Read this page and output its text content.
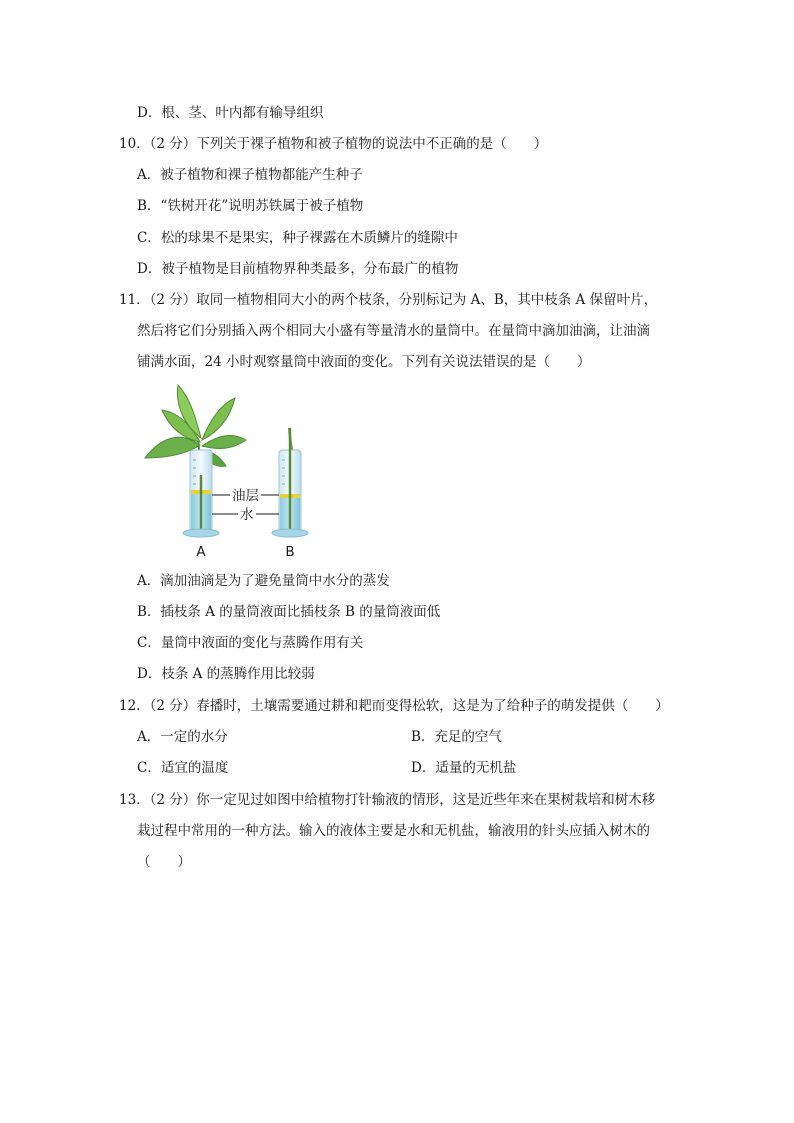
D．根、茎、叶内都有输导组织
10．（2 分）下列关于裸子植物和被子植物的说法中不正确的是（　　）
A．被子植物和裸子植物都能产生种子
B．“铁树开花”说明苏铁属于被子植物
C．松的球果不是果实，种子裸露在木质鳞片的缝隙中
D．被子植物是目前植物界种类最多，分布最广的植物
11．（2 分）取同一植物相同大小的两个枝条，分别标记为 A、B，其中枝条 A 保留叶片，
然后将它们分别插入两个相同大小盛有等量清水的量筒中。在量筒中滴加油滴，让油滴
铺满水面，24 小时观察量筒中液面的变化。下列有关说法错误的是（　　）
油层
水
A	B
A．滴加油滴是为了避免量筒中水分的蒸发
B．插枝条 A 的量筒液面比插枝条 B 的量筒液面低
C．量筒中液面的变化与蒸腾作用有关
D．枝条 A 的蒸腾作用比较弱
12．（2 分）春播时，土壤需要通过耕和耙而变得松软，这是为了给种子的萌发提供（　　）
A．一定的水分	B．充足的空气
C．适宜的温度	D．适量的无机盐
13．（2 分）你一定见过如图中给植物打针输液的情形，这是近些年来在果树栽培和树木移
栽过程中常用的一种方法。输入的液体主要是水和无机盐，输液用的针头应插入树木的
（　　）
